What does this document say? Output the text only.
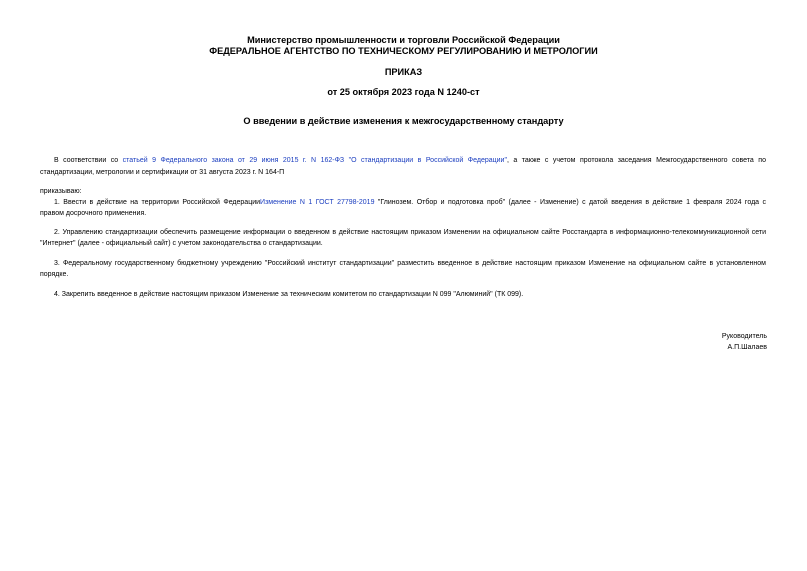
Министерство промышленности и торговли Российской Федерации
ФЕДЕРАЛЬНОЕ АГЕНТСТВО ПО ТЕХНИЧЕСКОМУ РЕГУЛИРОВАНИЮ И МЕТРОЛОГИИ
ПРИКАЗ
от 25 октября 2023 года N 1240-ст
О введении в действие изменения к межгосударственному стандарту
В соответствии со статьей 9 Федерального закона от 29 июня 2015 г. N 162-ФЗ "О стандартизации в Российской Федерации", а также с учетом протокола заседания Межгосударственного совета по
стандартизации, метрологии и сертификации от 31 августа 2023 г. N 164-П
приказываю:
1. Ввести в действие на территории Российской ФедерацииИзменение N 1 ГОСТ 27798-2019 "Глинозем. Отбор и подготовка проб" (далее - Изменение) с датой введения в действие 1 февраля 2024 года с
правом досрочного применения.
2. Управлению стандартизации обеспечить размещение информации о введенном в действие настоящим приказом Изменении на официальном сайте Росстандарта в информационно-телекоммуникационной сети
"Интернет" (далее - официальный сайт) с учетом законодательства о стандартизации.
3. Федеральному государственному бюджетному учреждению "Российский институт стандартизации" разместить введенное в действие настоящим приказом Изменение на официальном сайте в установленном
порядке.
4. Закрепить введенное в действие настоящим приказом Изменение за техническим комитетом по стандартизации N 099 "Алюминий" (ТК 099).
Руководитель
А.П.Шалаев
